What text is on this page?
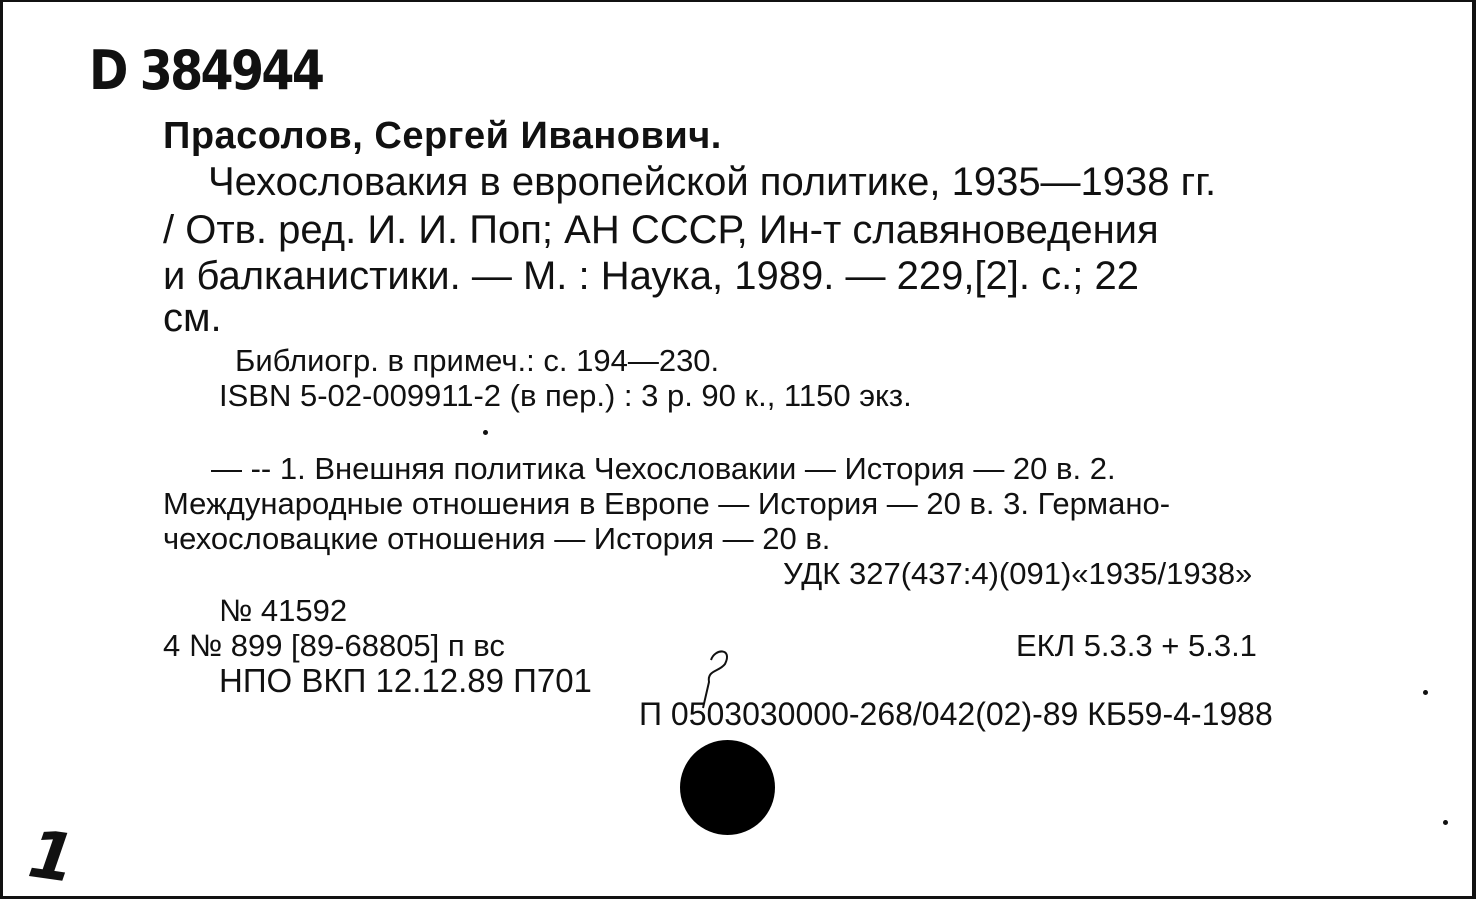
D 384944
Прасолов, Сергей Иванович.
Чехословакия в европейской политике, 1935—1938 гг.
/ Отв. ред. И. И. Поп; АН СССР, Ин-т славяноведения
и балканистики. — М. : Наука, 1989. — 229,[2]. с.; 22
см.
Библиогр. в примеч.: с. 194—230.
ISBN 5-02-009911-2 (в пер.) : 3 р. 90 к., 1150 экз.
— -- 1. Внешняя политика Чехословакии — История — 20 в. 2.
Международные отношения в Европе — История — 20 в. 3. Германо-
чехословацкие отношения — История — 20 в.
УДК 327(437:4)(091)«1935/1938»
№ 41592
4 № 899 [89-68805] п вс	ЕКЛ 5.3.3 + 5.3.1
НПО ВКП 12.12.89 П701
П 0503030000-268/042(02)-89 КБ59-4-1988
1
